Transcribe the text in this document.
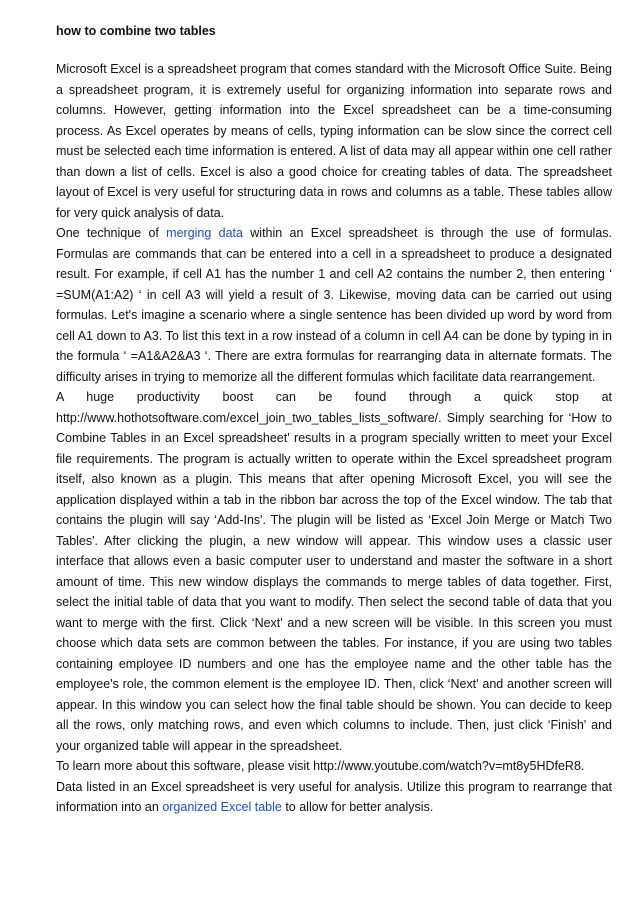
how to combine two tables

Microsoft Excel is a spreadsheet program that comes standard with the Microsoft Office Suite. Being a spreadsheet program, it is extremely useful for organizing information into separate rows and columns. However, getting information into the Excel spreadsheet can be a time-consuming process. As Excel operates by means of cells, typing information can be slow since the correct cell must be selected each time information is entered. A list of data may all appear within one cell rather than down a list of cells. Excel is also a good choice for creating tables of data. The spreadsheet layout of Excel is very useful for structuring data in rows and columns as a table. These tables allow for very quick analysis of data.

One technique of merging data within an Excel spreadsheet is through the use of formulas. Formulas are commands that can be entered into a cell in a spreadsheet to produce a designated result. For example, if cell A1 has the number 1 and cell A2 contains the number 2, then entering ‘ =SUM(A1:A2) ‘ in cell A3 will yield a result of 3. Likewise, moving data can be carried out using formulas. Let's imagine a scenario where a single sentence has been divided up word by word from cell A1 down to A3. To list this text in a row instead of a column in cell A4 can be done by typing in in the formula ‘ =A1&A2&A3 ‘. There are extra formulas for rearranging data in alternate formats. The difficulty arises in trying to memorize all the different formulas which facilitate data rearrangement.

A huge productivity boost can be found through a quick stop at http://www.hothotsoftware.com/excel_join_two_tables_lists_software/. Simply searching for ‘How to Combine Tables in an Excel spreadsheet' results in a program specially written to meet your Excel file requirements. The program is actually written to operate within the Excel spreadsheet program itself, also known as a plugin. This means that after opening Microsoft Excel, you will see the application displayed within a tab in the ribbon bar across the top of the Excel window. The tab that contains the plugin will say ‘Add-Ins'. The plugin will be listed as ‘Excel Join Merge or Match Two Tables'. After clicking the plugin, a new window will appear. This window uses a classic user interface that allows even a basic computer user to understand and master the software in a short amount of time. This new window displays the commands to merge tables of data together. First, select the initial table of data that you want to modify. Then select the second table of data that you want to merge with the first. Click ‘Next' and a new screen will be visible. In this screen you must choose which data sets are common between the tables. For instance, if you are using two tables containing employee ID numbers and one has the employee name and the other table has the employee's role, the common element is the employee ID. Then, click ‘Next' and another screen will appear. In this window you can select how the final table should be shown. You can decide to keep all the rows, only matching rows, and even which columns to include. Then, just click ‘Finish' and your organized table will appear in the spreadsheet.

To learn more about this software, please visit http://www.youtube.com/watch?v=mt8y5HDfeR8.

Data listed in an Excel spreadsheet is very useful for analysis. Utilize this program to rearrange that information into an organized Excel table to allow for better analysis.
